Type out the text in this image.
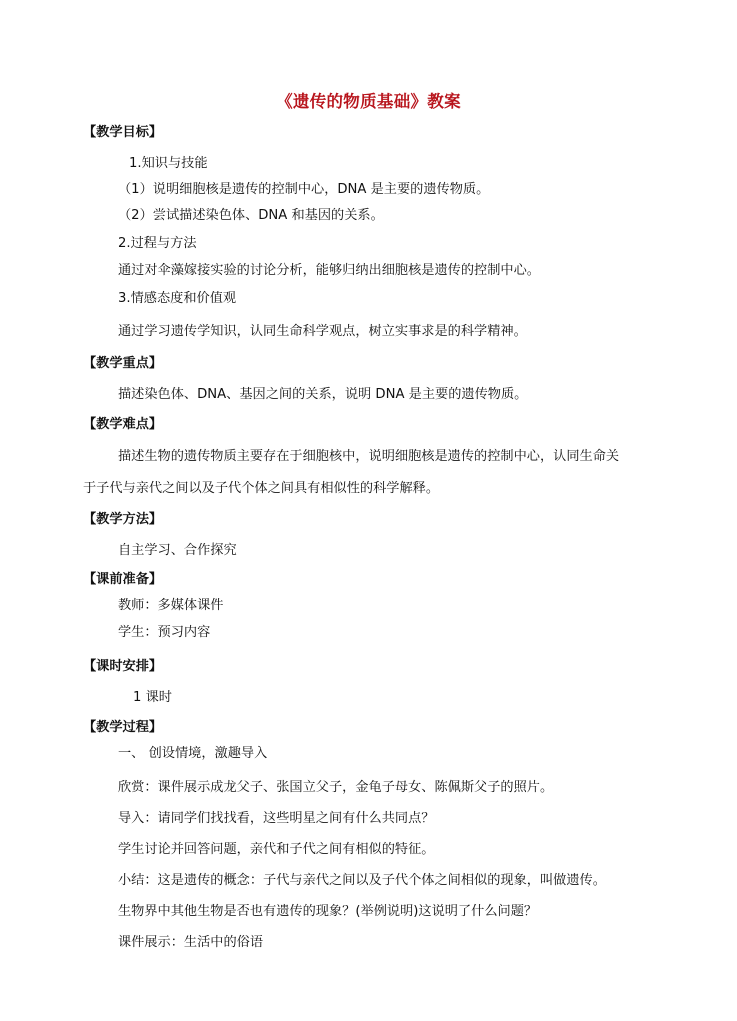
《遗传的物质基础》教案
【教学目标】
1.知识与技能
（1）说明细胞核是遗传的控制中心，DNA 是主要的遗传物质。
（2）尝试描述染色体、DNA 和基因的关系。
2.过程与方法
通过对伞藻嫁接实验的讨论分析，能够归纳出细胞核是遗传的控制中心。
3.情感态度和价值观
通过学习遗传学知识，认同生命科学观点，树立实事求是的科学精神。
【教学重点】
描述染色体、DNA、基因之间的关系，说明 DNA 是主要的遗传物质。
【教学难点】
描述生物的遗传物质主要存在于细胞核中，说明细胞核是遗传的控制中心，认同生命关
于子代与亲代之间以及子代个体之间具有相似性的科学解释。
【教学方法】
自主学习、合作探究
【课前准备】
教师：多媒体课件
学生：预习内容
【课时安排】
1 课时
【教学过程】
一、 创设情境，激趣导入
欣赏：课件展示成龙父子、张国立父子，金龟子母女、陈佩斯父子的照片。
导入：请同学们找找看，这些明星之间有什么共同点？
学生讨论并回答问题，亲代和子代之间有相似的特征。
小结：这是遗传的概念：子代与亲代之间以及子代个体之间相似的现象，叫做遗传。
生物界中其他生物是否也有遗传的现象？(举例说明)这说明了什么问题？
课件展示：生活中的俗语
